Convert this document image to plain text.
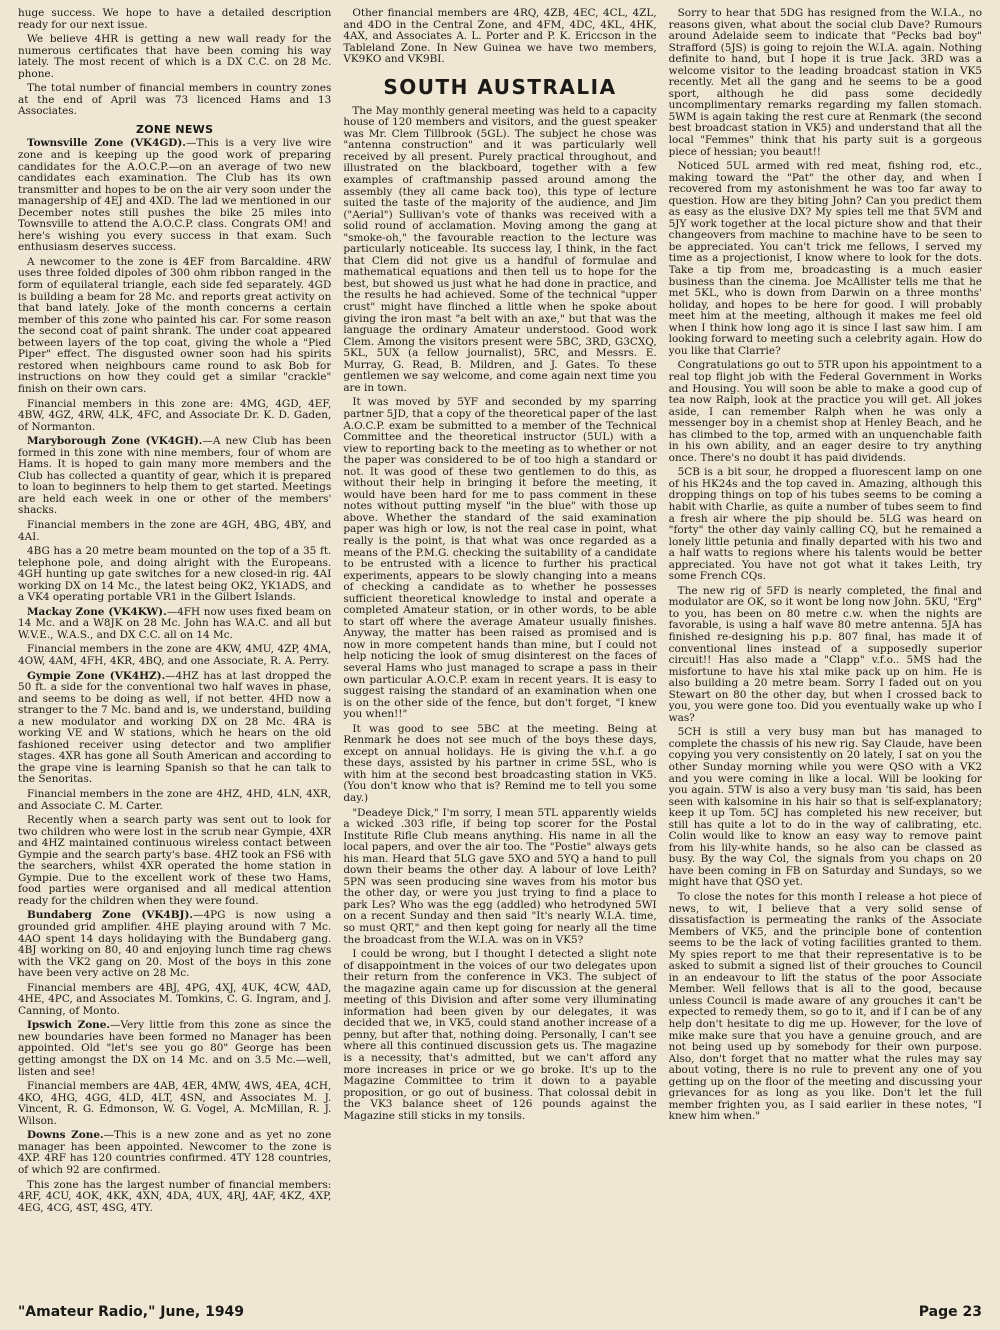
huge success. We hope to have a detailed description ready for our next issue.

We believe 4HR is getting a new wall ready for the numerous certificates that have been coming his way lately. The most recent of which is a DX C.C. on 28 Mc. phone.

The total number of financial members in country zones at the end of April was 73 licenced Hams and 13 Associates.

ZONE NEWS

Townsville Zone (VK4GD).—This is a very live wire zone and is keeping up the good work of preparing candidates for the A.O.C.P.—on an average of two new candidates each examination. The Club has its own transmitter and hopes to be on the air very soon under the managership of 4EJ and 4XD. The lad we mentioned in our December notes still pushes the bike 25 miles into Townsville to attend the A.O.C.P. class. Congrats OM! and here's wishing you every success in that exam. Such enthusiasm deserves success.

A newcomer to the zone is 4EF from Barcaldine. 4RW uses three folded dipoles of 300 ohm ribbon ranged in the form of equilateral triangle, each side fed separately. 4GD is building a beam for 28 Mc. and reports great activity on that band lately. Joke of the month concerns a certain member of this zone who painted his car. For some reason the second coat of paint shrank. The under coat appeared between layers of the top coat, giving the whole a "Pied Piper" effect. The disgusted owner soon had his spirits restored when neighbours came round to ask Bob for instructions on how they could get a similar "crackle" finish on their own cars.

Financial members in this zone are: 4MG, 4GD, 4EF, 4BW, 4GZ, 4RW, 4LK, 4FC, and Associate Dr. K. D. Gaden, of Normanton.

Maryborough Zone (VK4GH).—A new Club has been formed in this zone with nine members, four of whom are Hams. It is hoped to gain many more members and the Club has collected a quantity of gear, which it is prepared to loan to beginners to help them to get started. Meetings are held each week in one or other of the members' shacks.

Financial members in the zone are 4GH, 4BG, 4BY, and 4AI.

4BG has a 20 metre beam mounted on the top of a 35 ft. telephone pole, and doing alright with the Europeans. 4GH hunting up gate switches for a new closed-in rig. 4AI working DX on 14 Mc., the latest being OK2, YK1ADS, and a VK4 operating portable VR1 in the Gilbert Islands.

Mackay Zone (VK4KW).—4FH now uses fixed beam on 14 Mc. and a W8JK on 28 Mc. John has W.A.C. and all but W.V.E., W.A.S., and DX C.C. all on 14 Mc.

Financial members in the zone are 4KW, 4MU, 4ZP, 4MA, 4OW, 4AM, 4FH, 4KR, 4BQ, and one Associate, R. A. Perry.

Gympie Zone (VK4HZ).—4HZ has at last dropped the 50 ft. a side for the conventional two half waves in phase, and seems to be doing as well, if not better. 4HD now a stranger to the 7 Mc. band and is, we understand, building a new modulator and working DX on 28 Mc. 4RA is working VE and W stations, which he hears on the old fashioned receiver using detector and two amplifier stages. 4XR has gone all South American and according to the grape vine is learning Spanish so that he can talk to the Senoritas.

Financial members in the zone are 4HZ, 4HD, 4LN, 4XR, and Associate C. M. Carter.

Recently when a search party was sent out to look for two children who were lost in the scrub near Gympie, 4XR and 4HZ maintained continuous wireless contact between Gympie and the search party's base. 4HZ took an FS6 with the searchers, whilst 4XR operated the home station in Gympie. Due to the excellent work of these two Hams, food parties were organised and all medical attention ready for the children when they were found.

Bundaberg Zone (VK4BJ).—4PG is now using a grounded grid amplifier. 4HE playing around with 7 Mc. 4AO spent 14 days holidaying with the Bundaberg gang. 4BJ working on 80, 40 and enjoying lunch time rag chews with the VK2 gang on 20. Most of the boys in this zone have been very active on 28 Mc.

Financial members are 4BJ, 4PG, 4XJ, 4UK, 4CW, 4AD, 4HE, 4PC, and Associates M. Tomkins, C. G. Ingram, and J. Canning, of Monto.

Ipswich Zone.—Very little from this zone as since the new boundaries have been formed no Manager has been appointed. Old "let's see you go 80" George has been getting amongst the DX on 14 Mc. and on 3.5 Mc.—well, listen and see!

Financial members are 4AB, 4ER, 4MW, 4WS, 4EA, 4CH, 4KO, 4HG, 4GG, 4LD, 4LT, 4SN, and Associates M. J. Vincent, R. G. Edmonson, W. G. Vogel, A. McMillan, R. J. Wilson.

Downs Zone.—This is a new zone and as yet no zone manager has been appointed. Newcomer to the zone is 4XP. 4RF has 120 countries confirmed. 4TY 128 countries, of which 92 are confirmed.

This zone has the largest number of financial members: 4RF, 4CU, 4OK, 4KK, 4XN, 4DA, 4UX, 4RJ, 4AF, 4KZ, 4XP, 4EG, 4CG, 4ST, 4SG, 4TY.

Other financial members are 4RQ, 4ZB, 4EC, 4CL, 4ZL, and 4DO in the Central Zone, and 4FM, 4DC, 4KL, 4HK, 4AX, and Associates A. L. Porter and P. K. Ericcson in the Tableland Zone. In New Guinea we have two members, VK9KO and VK9BI.

SOUTH AUSTRALIA

The May monthly general meeting was held to a capacity house of 120 members and visitors, and the guest speaker was Mr. Clem Tillbrook (5GL). The subject he chose was "antenna construction" and it was particularly well received by all present. Purely practical throughout, and illustrated on the blackboard, together with a few examples of craftmanship passed around among the assembly (they all came back too), this type of lecture suited the taste of the majority of the audience, and Jim ("Aerial") Sullivan's vote of thanks was received with a solid round of acclamation. Moving among the gang at "smoke-oh," the favourable reaction to the lecture was particularly noticeable. Its success lay, I think, in the fact that Clem did not give us a handful of formulae and mathematical equations and then tell us to hope for the best, but showed us just what he had done in practice, and the results he had achieved. Some of the technical "upper crust" might have flinched a little when he spoke about giving the iron mast "a belt with an axe," but that was the language the ordinary Amateur understood. Good work Clem. Among the visitors present were 5BC, 3RD, G3CXQ, 5KL, 5UX (a fellow journalist), 5RC, and Messrs. E. Murray, G. Read, B. Mildren, and J. Gates. To these gentlemen we say welcome, and come again next time you are in town.

It was moved by 5YF and seconded by my sparring partner 5JD, that a copy of the theoretical paper of the last A.O.C.P. exam be submitted to a member of the Technical Committee and the theoretical instructor (5UL) with a view to reporting back to the meeting as to whether or not the paper was considered to be of too high a standard or not. It was good of these two gentlemen to do this, as without their help in bringing it before the meeting, it would have been hard for me to pass comment in these notes without putting myself "in the blue" with those up above. Whether the standard of the said examination paper was high or low, is not the real case in point, what really is the point, is that what was once regarded as a means of the P.M.G. checking the suitability of a candidate to be entrusted with a licence to further his practical experiments, appears to be slowly changing into a means of checking a candidate as to whether he possesses sufficient theoretical knowledge to instal and operate a completed Amateur station, or in other words, to be able to start off where the average Amateur usually finishes. Anyway, the matter has been raised as promised and is now in more competent hands than mine, but I could not help noticing the look of smug disinterest on the faces of several Hams who just managed to scrape a pass in their own particular A.O.C.P. exam in recent years. It is easy to suggest raising the standard of an examination when one is on the other side of the fence, but don't forget, "I knew you when!!"

It was good to see 5BC at the meeting. Being at Renmark he does not see much of the boys these days, except on annual holidays. He is giving the v.h.f. a go these days, assisted by his partner in crime 5SL, who is with him at the second best broadcasting station in VK5. (You don't know who that is? Remind me to tell you some day.)

"Deadeye Dick," I'm sorry, I mean 5TL apparently wields a wicked .303 rifle, if being top scorer for the Postal Institute Rifle Club means anything. His name in all the local papers, and over the air too. The "Postie" always gets his man. Heard that 5LG gave 5XO and 5YQ a hand to pull down their beams the other day. A labour of love Leith? 5PN was seen producing sine waves from his motor bus the other day, or were you just trying to find a place to park Les? Who was the egg (addled) who hetrodyned 5WI on a recent Sunday and then said "It's nearly W.I.A. time, so must QRT," and then kept going for nearly all the time the broadcast from the W.I.A. was on in VK5?

I could be wrong, but I thought I detected a slight note of disappointment in the voices of our two delegates upon their return from the conference in VK3. The subject of the magazine again came up for discussion at the general meeting of this Division and after some very illuminating information had been given by our delegates, it was decided that we, in VK5, could stand another increase of a penny, but after that, nothing doing. Personally, I can't see where all this continued discussion gets us. The magazine is a necessity, that's admitted, but we can't afford any more increases in price or we go broke. It's up to the Magazine Committee to trim it down to a payable proposition, or go out of business. That colossal debit in the VK3 balance sheet of 126 pounds against the Magazine still sticks in my tonsils.

Sorry to hear that 5DG has resigned from the W.I.A., no reasons given, what about the social club Dave? Rumours around Adelaide seem to indicate that "Pecks bad boy" Strafford (5JS) is going to rejoin the W.I.A. again. Nothing definite to hand, but I hope it is true Jack. 3RD was a welcome visitor to the leading broadcast station in VK5 recently. Met all the gang and he seems to be a good sport, although he did pass some decidedly uncomplimentary remarks regarding my fallen stomach. 5WM is again taking the rest cure at Renmark (the second best broadcast station in VK5) and understand that all the local "Femmes" think that his party suit is a gorgeous piece of hessian; you beaut!!

Noticed 5UL armed with red meat, fishing rod, etc., making toward the "Pat" the other day, and when I recovered from my astonishment he was too far away to question. How are they biting John? Can you predict them as easy as the elusive DX? My spies tell me that 5VM and 5JY work together at the local picture show and that their changeovers from machine to machine have to be seen to be appreciated. You can't trick me fellows, I served my time as a projectionist, I know where to look for the dots. Take a tip from me, broadcasting is a much easier business than the cinema. Joe McAllister tells me that he met 5KL, who is down from Darwin on a three months' holiday, and hopes to be here for good. I will probably meet him at the meeting, although it makes me feel old when I think how long ago it is since I last saw him. I am looking forward to meeting such a celebrity again. How do you like that Clarrie?

Congratulations go out to 5TR upon his appointment to a real top flight job with the Federal Government in Works and Housing. You will soon be able to make a good cup of tea now Ralph, look at the practice you will get. All jokes aside, I can remember Ralph when he was only a messenger boy in a chemist shop at Henley Beach, and he has climbed to the top, armed with an unquenchable faith in his own ability, and an eager desire to try anything once. There's no doubt it has paid dividends.

5CB is a bit sour, he dropped a fluorescent lamp on one of his HK24s and the top caved in. Amazing, although this dropping things on top of his tubes seems to be coming a habit with Charlie, as quite a number of tubes seem to find a fresh air where the pip should be. 5LG was heard on "forty" the other day vainly calling CQ, but he remained a lonely little petunia and finally departed with his two and a half watts to regions where his talents would be better appreciated. You have not got what it takes Leith, try some French CQs.

The new rig of 5FD is nearly completed, the final and modulator are OK, so it wont be long now John. 5KU, "Erg" to you, has been on 80 metre c.w. when the nights are favorable, is using a half wave 80 metre antenna. 5JA has finished re-designing his p.p. 807 final, has made it of conventional lines instead of a supposedly superior circuit!! Has also made a "Clapp" v.f.o.. 5MS had the misfortune to have his xtal mike pack up on him. He is also building a 20 metre beam. Sorry I faded out on you Stewart on 80 the other day, but when I crossed back to you, you were gone too. Did you eventually wake up who I was?

5CH is still a very busy man but has managed to complete the chassis of his new rig. Say Claude, have been copying you very consistently on 20 lately, I sat on you the other Sunday morning while you were QSO with a VK2 and you were coming in like a local. Will be looking for you again. 5TW is also a very busy man 'tis said, has been seen with kalsomine in his hair so that is self-explanatory; keep it up Tom. 5CJ has completed his new receiver, but still has quite a lot to do in the way of calibrating, etc. Colin would like to know an easy way to remove paint from his lily-white hands, so he also can be classed as busy. By the way Col, the signals from you chaps on 20 have been coming in FB on Saturday and Sundays, so we might have that QSO yet.

To close the notes for this month I release a hot piece of news, to wit, I believe that a very solid sense of dissatisfaction is permeating the ranks of the Associate Members of VK5, and the principle bone of contention seems to be the lack of voting facilities granted to them. My spies report to me that their representative is to be asked to submit a signed list of their grouches to Council in an endeavour to lift the status of the poor Associate Member. Well fellows that is all to the good, because unless Council is made aware of any grouches it can't be expected to remedy them, so go to it, and if I can be of any help don't hesitate to dig me up. However, for the love of mike make sure that you have a genuine grouch, and are not being used up by somebody for their own purpose. Also, don't forget that no matter what the rules may say about voting, there is no rule to prevent any one of you getting up on the floor of the meeting and discussing your grievances for as long as you like. Don't let the full member frighten you, as I said earlier in these notes, "I knew him when."

"Amateur Radio," June, 1949	Page 23
